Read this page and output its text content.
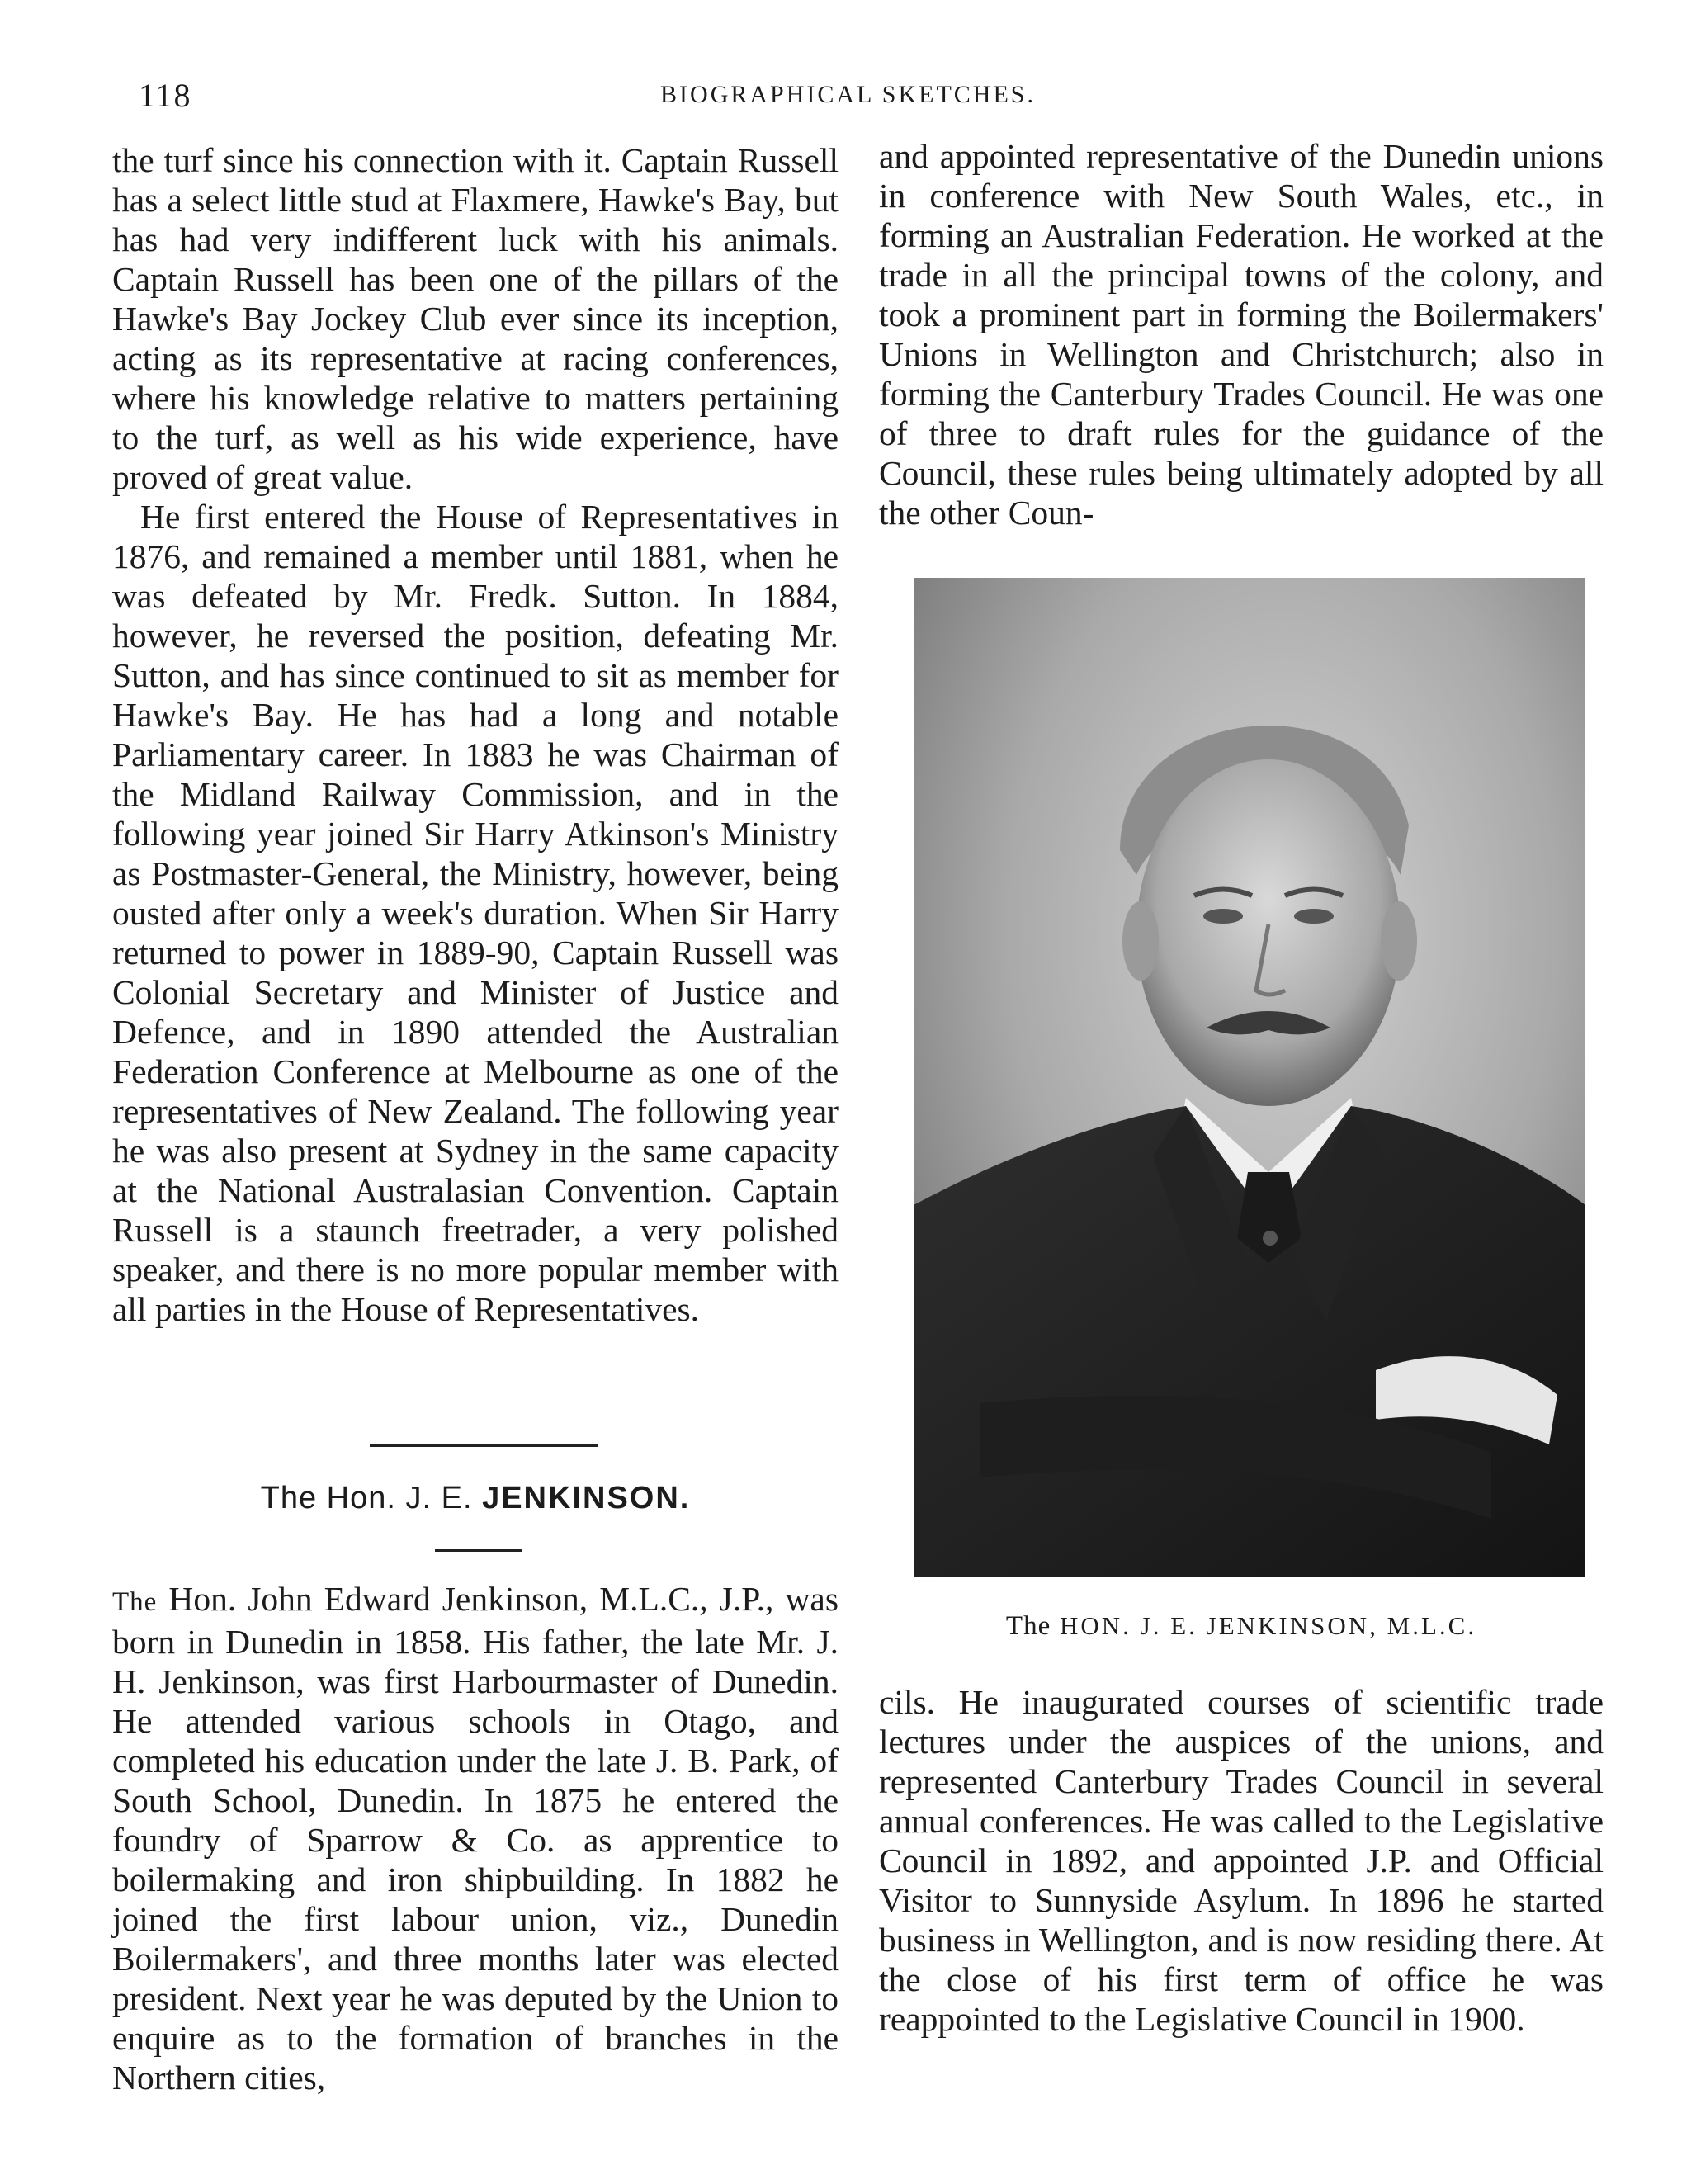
118	BIOGRAPHICAL SKETCHES.

the turf since his connection with it. Captain Russell has a select little stud at Flaxmere, Hawke's Bay, but has had very indifferent luck with his animals. Captain Russell has been one of the pillars of the Hawke's Bay Jockey Club ever since its inception, acting as its representative at racing conferences, where his knowledge relative to matters pertaining to the turf, as well as his wide experience, have proved of great value.

He first entered the House of Representatives in 1876, and remained a member until 1881, when he was defeated by Mr. Fredk. Sutton. In 1884, however, he reversed the position, defeating Mr. Sutton, and has since continued to sit as member for Hawke's Bay. He has had a long and notable Parliamentary career. In 1883 he was Chairman of the Midland Railway Commission, and in the following year joined Sir Harry Atkinson's Ministry as Postmaster-General, the Ministry, however, being ousted after only a week's duration. When Sir Harry returned to power in 1889-90, Captain Russell was Colonial Secretary and Minister of Justice and Defence, and in 1890 attended the Australian Federation Conference at Melbourne as one of the representatives of New Zealand. The following year he was also present at Sydney in the same capacity at the National Australasian Convention. Captain Russell is a staunch freetrader, a very polished speaker, and there is no more popular member with all parties in the House of Representatives.

The Hon. J. E. JENKINSON.

The Hon. John Edward Jenkinson, M.L.C., J.P., was born in Dunedin in 1858. His father, the late Mr. J. H. Jenkinson, was first Harbourmaster of Dunedin. He attended various schools in Otago, and completed his education under the late J. B. Park, of South School, Dunedin. In 1875 he entered the foundry of Sparrow & Co. as apprentice to boilermaking and iron shipbuilding. In 1882 he joined the first labour union, viz., Dunedin Boilermakers', and three months later was elected president. Next year he was deputed by the Union to enquire as to the formation of branches in the Northern cities,

and appointed representative of the Dunedin unions in conference with New South Wales, etc., in forming an Australian Federation. He worked at the trade in all the principal towns of the colony, and took a prominent part in forming the Boilermakers' Unions in Wellington and Christchurch; also in forming the Canterbury Trades Council. He was one of three to draft rules for the guidance of the Council, these rules being ultimately adopted by all the other Coun-

The HON. J. E. JENKINSON, M.L.C.

cils. He inaugurated courses of scientific trade lectures under the auspices of the unions, and represented Canterbury Trades Council in several annual conferences. He was called to the Legislative Council in 1892, and appointed J.P. and Official Visitor to Sunnyside Asylum. In 1896 he started business in Wellington, and is now residing there. At the close of his first term of office he was reappointed to the Legislative Council in 1900.
